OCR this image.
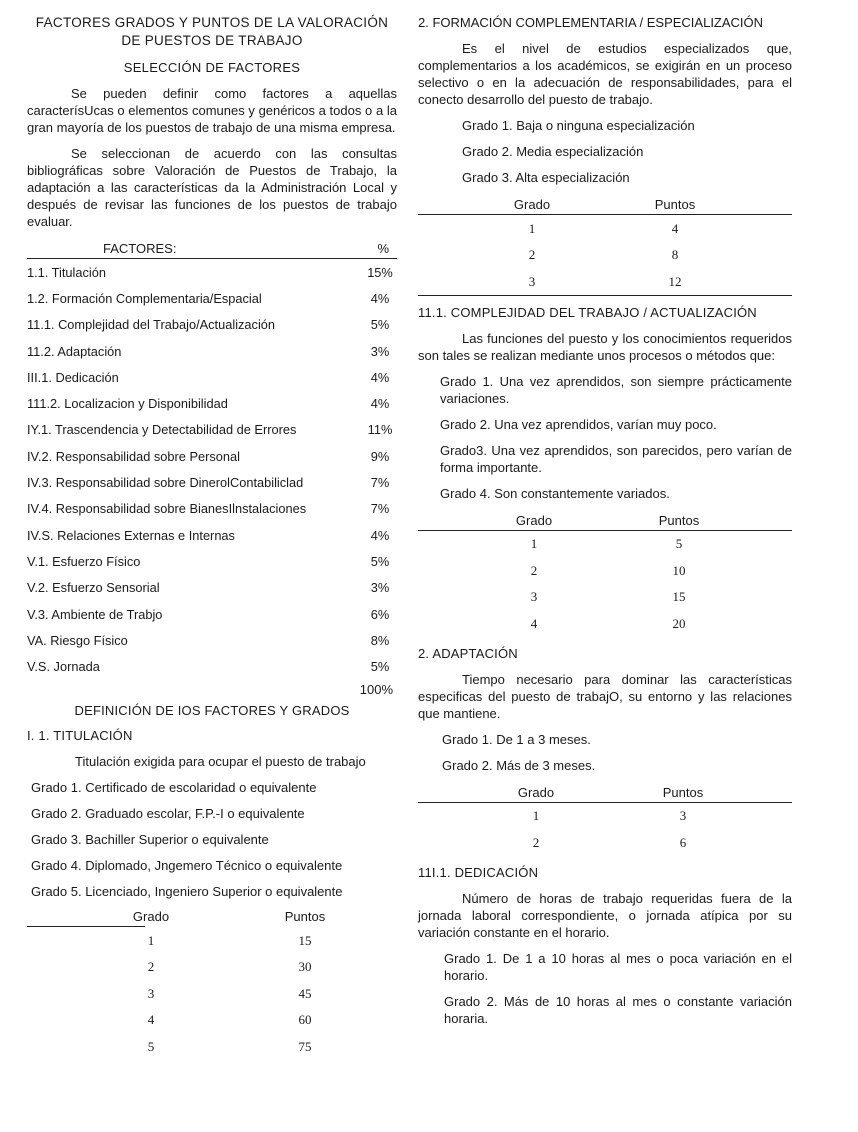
FACTORES GRADOS Y PUNTOS DE LA VALORACIÓN DE PUESTOS DE TRABAJO
SELECCIÓN DE FACTORES

Se pueden definir como factores a aquellas caracterísUcas o elementos comunes y genéricos a todos o a la gran mayoría de los puestos de trabajo de una misma empresa.

Se seleccionan de acuerdo con las consultas bibliográficas sobre Valoración de Puestos de Trabajo, la adaptación a las características da la Administración Local y después de revisar las funciones de los puestos de trabajo evaluar.

FACTORES:	%
1.1. Titulación	15%
1.2. Formación Complementaria/Espacial	4%
11.1. Complejidad del Trabajo/Actualización	5%
11.2. Adaptación	3%
III.1. Dedicación	4%
111.2. Localizacion y Disponibilidad	4%
IY.1. Trascendencia y Detectabilidad de Errores	11%
IV.2. Responsabilidad sobre Personal	9%
IV.3. Responsabilidad sobre DinerolContabiliclad	7%
IV.4. Responsabilidad sobre BianesIlnstalaciones	7%
IV.S. Relaciones Externas e Internas	4%
V.1. Esfuerzo Físico	5%
V.2. Esfuerzo Sensorial	3%
V.3. Ambiente de Trabjo	6%
VA. Riesgo Físico	8%
V.S. Jornada	5%
100%
DEFINICIÓN DE IOS FACTORES Y GRADOS
I. 1. TITULACIÓN
Titulación exigida para ocupar el puesto de trabajo
Grado 1. Certificado de escolaridad o equivalente
Grado 2. Graduado escolar, F.P.-I o equivalente
Grado 3. Bachiller Superior o equivalente
Grado 4. Diplomado, Jngemero Técnico o equivalente
Grado 5. Licenciado, Ingeniero Superior o equivalente
Grado	Puntos
1	15
2	30
3	45
4	60
5	75
2. FORMACIÓN COMPLEMENTARIA / ESPECIALIZACIÓN

Es el nivel de estudios especializados que, complementarios a los académicos, se exigirán en un proceso selectivo o en la adecuación de responsabilidades, para el conecto desarrollo del puesto de trabajo.

Grado 1. Baja o ninguna especialización
Grado 2. Media especialización
Grado 3. Alta especialización
Grado	Puntos
1	4
2	8
3	12
11.1. COMPLEJIDAD DEL TRABAJO / ACTUALIZACIÓN

Las funciones del puesto y los conocimientos requeridos son tales se realizan mediante unos procesos o métodos que:

Grado 1. Una vez aprendidos, son siempre prácticamente variaciones.
Grado 2. Una vez aprendidos, varían muy poco.
Grado3. Una vez aprendidos, son parecidos, pero varían de forma importante.
Grado 4. Son constantemente variados.
Grado	Puntos
1	5
2	10
3	15
4	20
2. ADAPTACIÓN

Tiempo necesario para dominar las características especificas del puesto de trabajO, su entorno y las relaciones que mantiene.

Grado 1. De 1 a 3 meses.
Grado 2. Más de 3 meses.
Grado	Puntos
1	3
2	6
11I.1. DEDICACIÓN

Número de horas de trabajo requeridas fuera de la jornada laboral correspondiente, o jornada atípica por su variación constante en el horario.

Grado 1. De 1 a 10 horas al mes o poca variación en el horario.
Grado 2. Más de 10 horas al mes o constante variación horaria.
